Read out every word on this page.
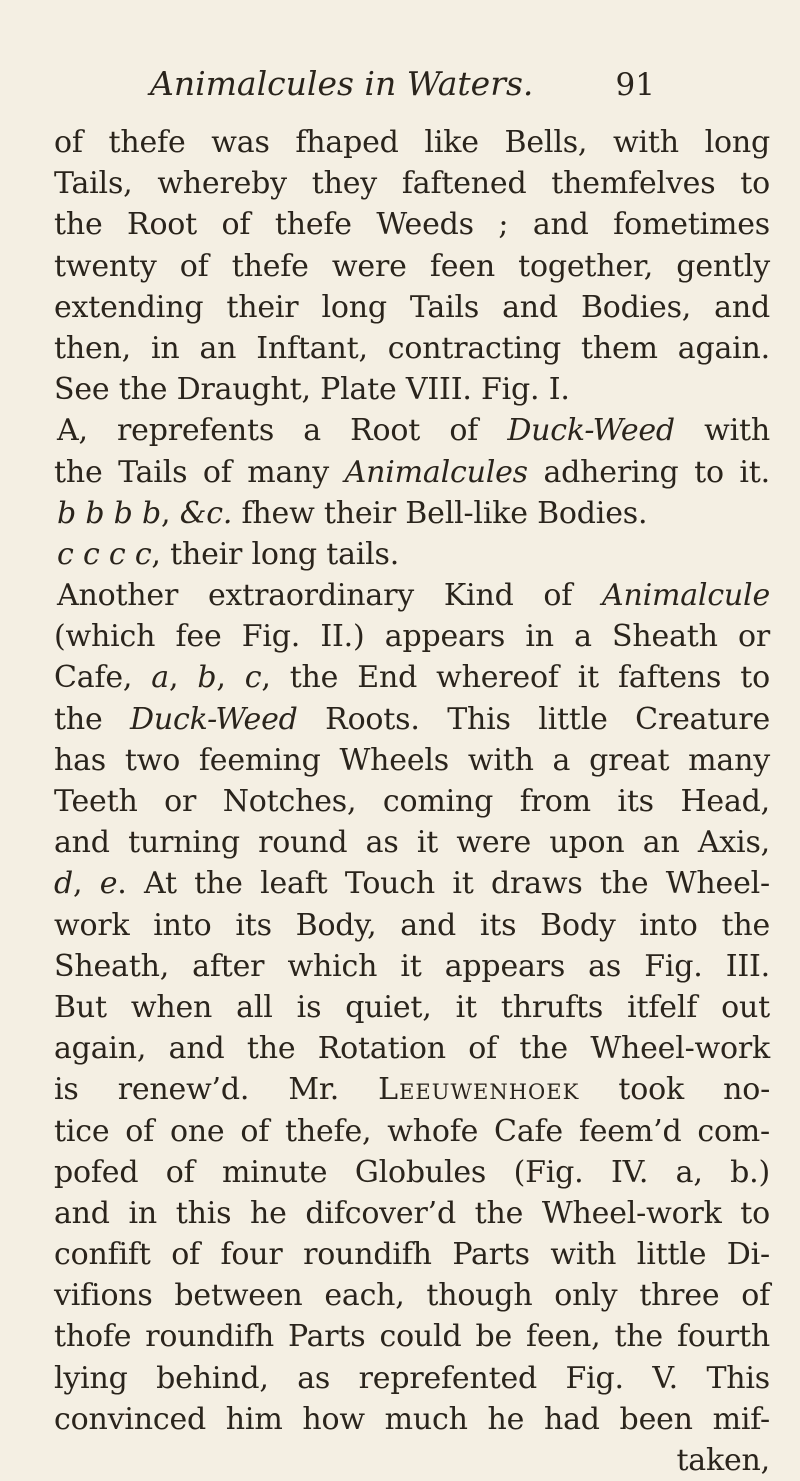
Animalcules in Waters.	91
of thefe was fhaped like Bells, with long
Tails, whereby they faftened themfelves to
the Root of thefe Weeds ; and fometimes
twenty of thefe were feen together, gently
extending their long Tails and Bodies, and
then, in an Inftant, contracting them again.
See the Draught, Plate VIII. Fig. I.
A, reprefents a Root of Duck-Weed with
the Tails of many Animalcules adhering to it.
b b b b, &c. fhew their Bell-like Bodies.
c c c c, their long tails.
Another extraordinary Kind of Animalcule
(which fee Fig. II.) appears in a Sheath or
Cafe, a, b, c, the End whereof it faftens to
the Duck-Weed Roots. This little Creature
has two feeming Wheels with a great many
Teeth or Notches, coming from its Head,
and turning round as it were upon an Axis,
d, e. At the leaft Touch it draws the Wheel-
work into its Body, and its Body into the
Sheath, after which it appears as Fig. III.
But when all is quiet, it thrufts itfelf out
again, and the Rotation of the Wheel-work
is renew’d. Mr. Leeuwenhoek took no-
tice of one of thefe, whofe Cafe feem’d com-
pofed of minute Globules (Fig. IV. a, b.)
and in this he difcover’d the Wheel-work to
confift of four roundifh Parts with little Di-
vifions between each, though only three of
thofe roundifh Parts could be feen, the fourth
lying behind, as reprefented Fig. V. This
convinced him how much he had been mif-
taken,
